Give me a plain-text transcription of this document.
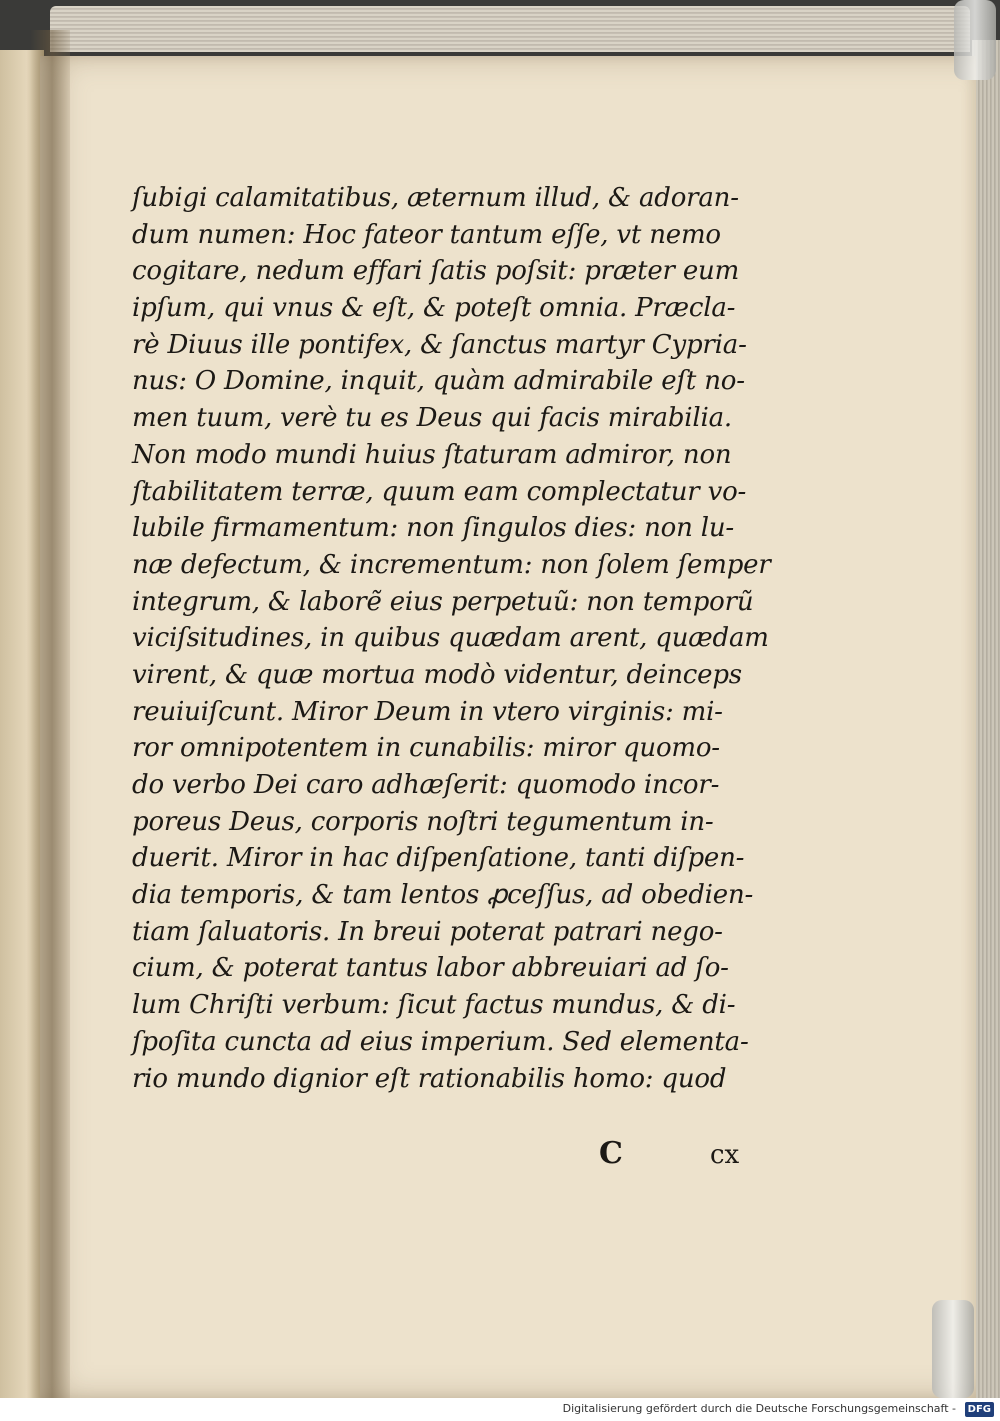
ſubigi calamitatibus, æternum illud, & adoran‑
dum numen: Hoc fateor tantum eſſe, vt nemo
cogitare, nedum effari ſatis poſsit: præter eum
ipſum, qui vnus & eſt, & poteſt omnia. Præcla‑
rè Diuus ille pontifex, & ſanctus martyr Cypria‑
nus: O Domine, inquit, quàm admirabile eſt no‑
men tuum, verè tu es Deus qui facis mirabilia.
Non modo mundi huius ſtaturam admiror, non
ſtabilitatem terræ, quum eam complectatur vo‑
lubile firmamentum: non ſingulos dies: non lu‑
næ defectum, & incrementum: non ſolem ſemper
integrum, & laborẽ eius perpetuũ: non temporũ
viciſsitudines, in quibus quædam arent, quædam
virent, & quæ mortua modò videntur, deinceps
reuiuiſcunt. Miror Deum in vtero virginis: mi‑
ror omnipotentem in cunabilis: miror quomo‑
do verbo Dei caro adhæſerit: quomodo incor‑
poreus Deus, corporis noſtri tegumentum in‑
duerit. Miror in hac diſpenſatione, tanti diſpen‑
dia temporis, & tam lentos ꝓceſſus, ad obedien‑
tiam ſaluatoris. In breui poterat patrari nego‑
cium, & poterat tantus labor abbreuiari ad ſo‑
lum Chriſti verbum: ſicut factus mundus, & di‑
ſpoſita cuncta ad eius imperium. Sed elementa‑
rio mundo dignior eſt rationabilis homo: quod
C	cx
Digitalisierung gefördert durch die Deutsche Forschungsgemeinschaft -	DFG
